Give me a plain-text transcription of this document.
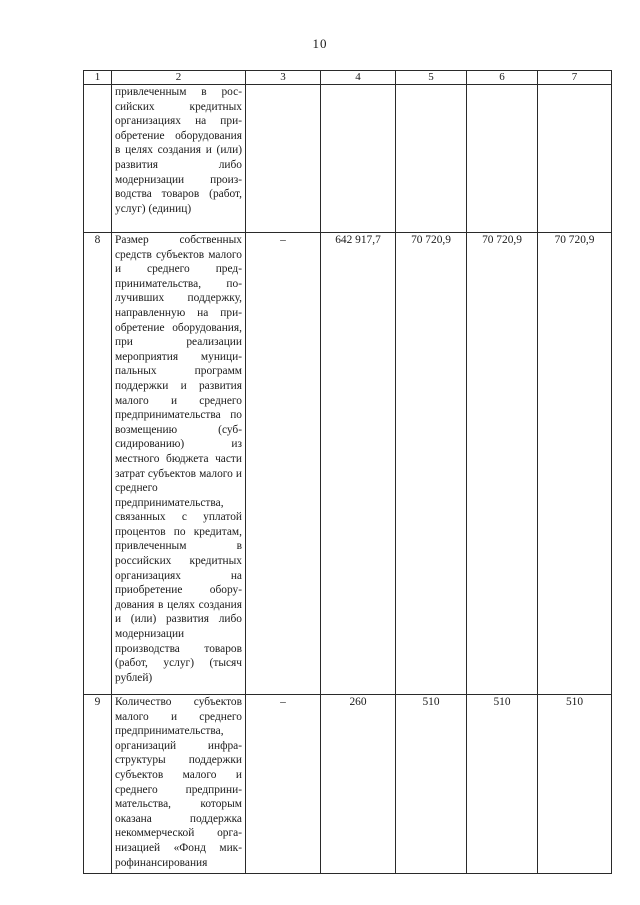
10
1	2	3	4	5	6	7
	привлеченным в российских кредитных организациях на приобретение оборудования в целях создания и (или) развития либо модернизации производства товаров (работ, услуг) (единиц)					
8	Размер собственных средств субъектов малого и среднего предпринимательства, получивших поддержку, направленную на приобретение оборудования, при реализации мероприятия муниципальных программ поддержки и развития малого и среднего предпринимательства по возмещению (субсидированию) из местного бюджета части затрат субъектов малого и среднего предпринимательства, связанных с уплатой процентов по кредитам, привлеченным в российских кредитных организациях на приобретение оборудования в целях создания и (или) развития либо модернизации производства товаров (работ, услуг) (тысяч рублей)	–	642 917,7	70 720,9	70 720,9	70 720,9
9	Количество субъектов малого и среднего предпринимательства, организаций инфраструктуры поддержки субъектов малого и среднего предпринимательства, которым оказана поддержка некоммерческой организацией «Фонд микрофинансирования	–	260	510	510	510
